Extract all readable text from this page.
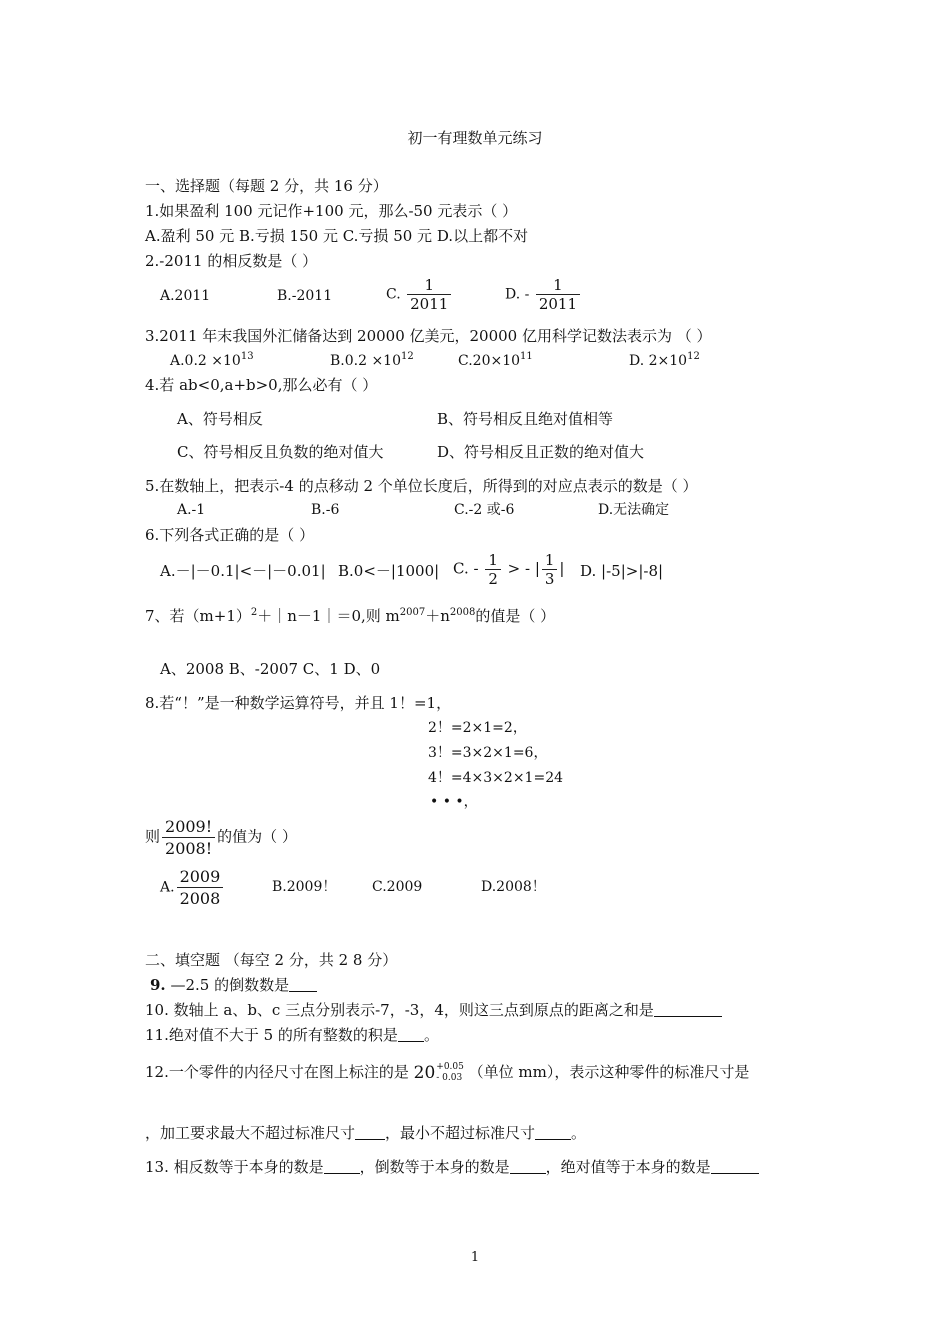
初一有理数单元练习
一、选择题（每题 2 分，共 16 分）
1.如果盈利 100 元记作+100 元，那么-50 元表示（ ）
A.盈利 50 元 B.亏损 150 元 C.亏损 50 元 D.以上都不对
2.-2011 的相反数是（ ）
A.2011	B.-2011	C. $\frac{1}{2011}$	D. - $\frac{1}{2011}$
3.2011 年末我国外汇储备达到 20000 亿美元，20000 亿用科学记数法表示为 （ ）
$A.0.2 \times 10^{13}$	$B.0.2 \times 10^{12}$	$C.20\times 10^{11}$	D. $2\times 10^{12}$
4.若 ab<0,a+b>0,那么必有（ ）
A、符号相反	B、符号相反且绝对值相等
C、符号相反且负数的绝对值大	D、符号相反且正数的绝对值大
5.在数轴上，把表示-4 的点移动 2 个单位长度后，所得到的对应点表示的数是（ ）
A.-1	B.-6	C.-2 或-6	D.无法确定
6.下列各式正确的是（ ）
A.－|－0.1|<－|－0.01| B.0<－|1000| C. - $\frac{1}{2}$ > - | $\frac{1}{3}$ | D. |-5|>|-8|
7、若$(m+1)^2+|n-1|=0$,则 $m^{2007}+n^{2008}$的值是（ ）
A、2008 B、-2007 C、1 D、0
8.若“！”是一种数学运算符号，并且 1！=1，
2！=2×1=2，
3！=3×2×1=6，
4！=4×3×2×1=24
• • •，
则 $\frac{2009!}{2008!}$ 的值为（ ）
A. $\frac{2009}{2008}$	B.2009！	C.2009	D.2008！
二、填空题 （每空 2 分，共 2 8 分）
9. —2.5 的倒数数是
10. 数轴上 a、b、c 三点分别表示-7，-3，4，则这三点到原点的距离之和是
11.绝对值不大于 5 的所有整数的积是 。
12.一个零件的内径尺寸在图上标注的是 20 +0.05
- 0.03 （单位 mm），表示这种零件的标准尺寸是
，加工要求最大不超过标准尺寸 ，最小不超过标准尺寸 。
13. 相反数等于本身的数是 ，倒数等于本身的数是 ，绝对值等于本身的数是
1
